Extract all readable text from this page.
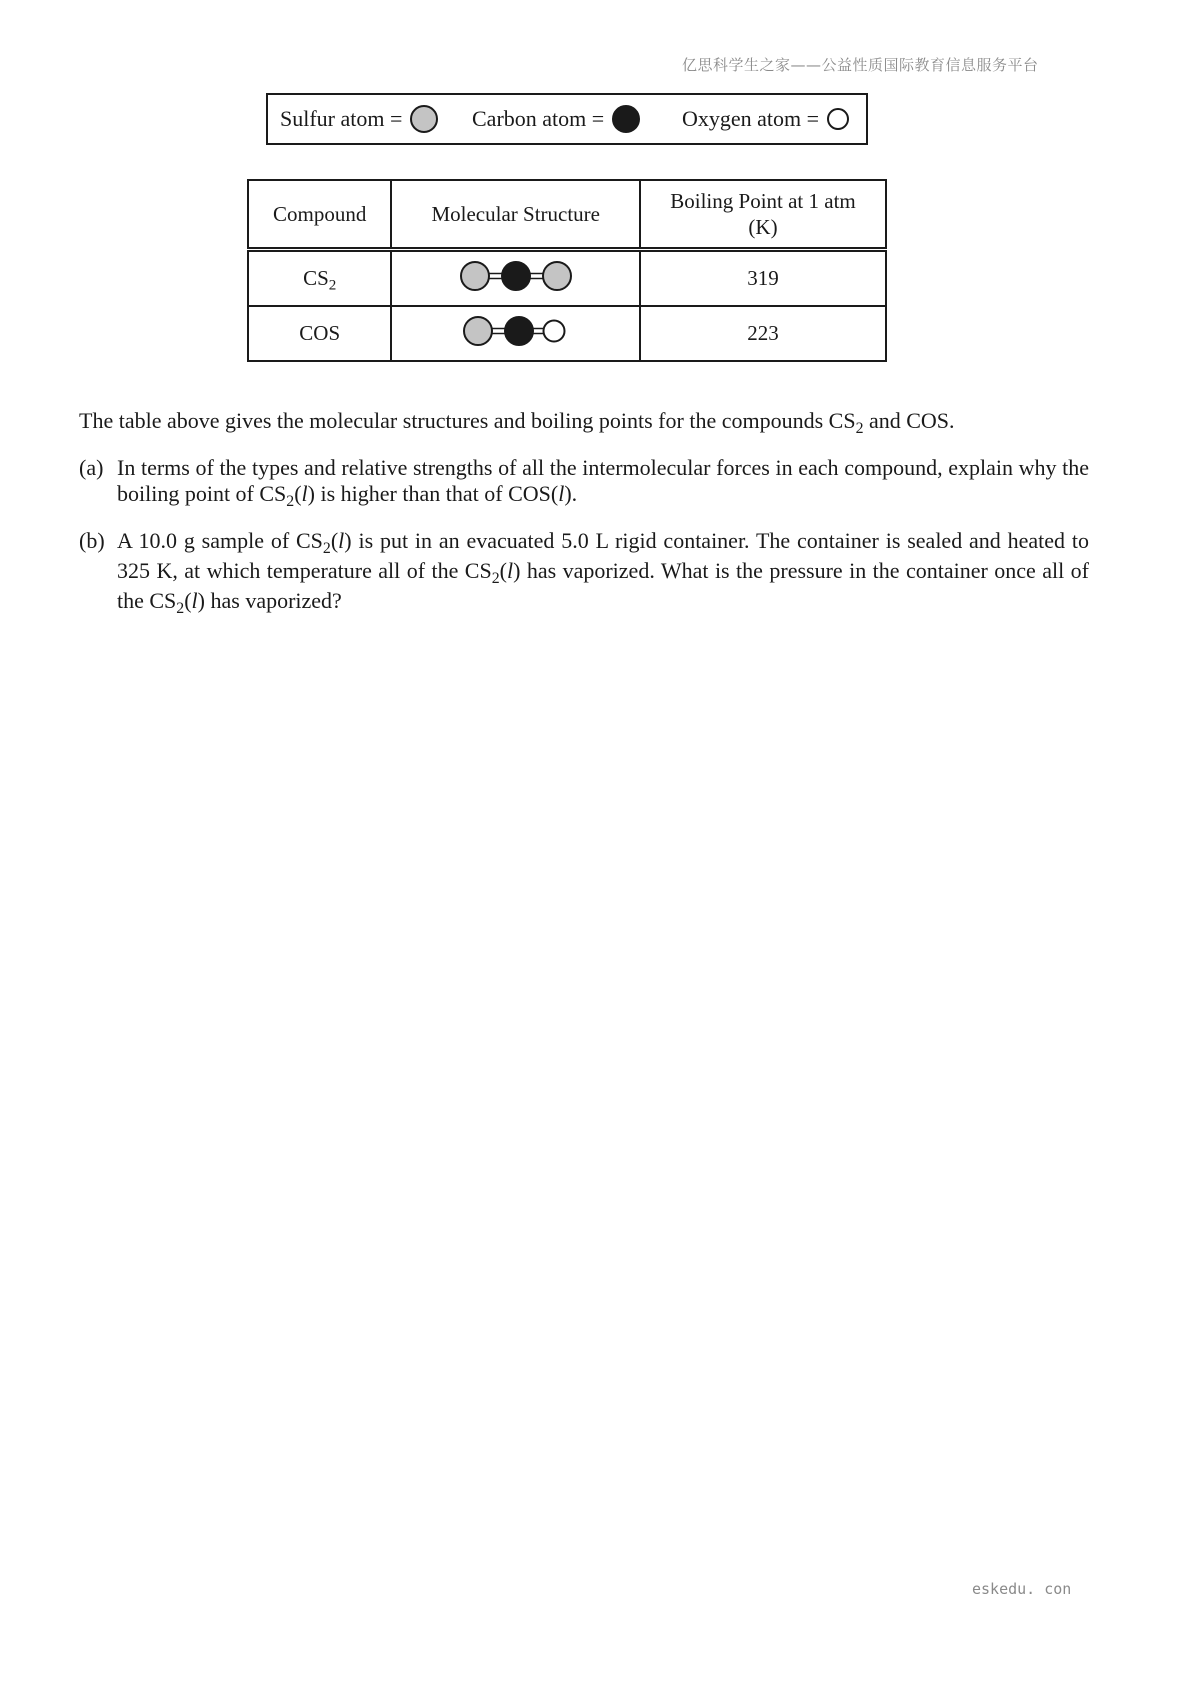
亿思科学生之家——公益性质国际教育信息服务平台
Sulfur atom =	Carbon atom =	Oxygen atom =
Compound	Molecular Structure	Boiling Point at 1 atm
(K)

$CS_2$		319
COS		223
The table above gives the molecular structures and boiling points for the compounds $CS_2$ and COS.
(a) In terms of the types and relative strengths of all the intermolecular forces in each compound, explain why the boiling point of $CS_2(l)$ is higher than that of COS(l).
(b) A 10.0 g sample of $CS_2(l)$ is put in an evacuated 5.0 L rigid container. The container is sealed and heated to 325 K, at which temperature all of the $CS_2(l)$ has vaporized. What is the pressure in the container once all of the $CS_2(l)$ has vaporized?
eskedu. con
